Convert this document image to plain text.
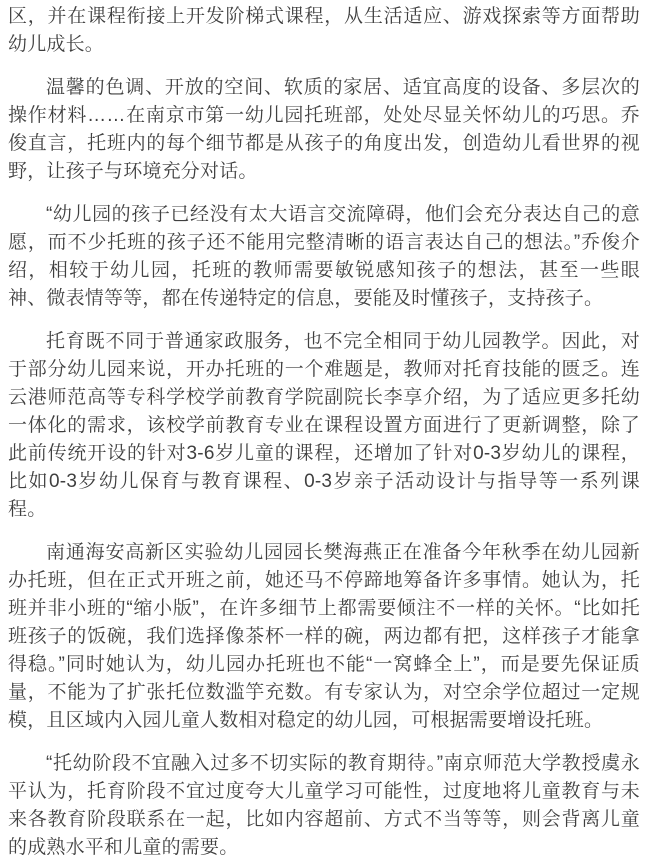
区，并在课程衔接上开发阶梯式课程，从生活适应、游戏探索等方面帮助幼儿成长。

温馨的色调、开放的空间、软质的家居、适宜高度的设备、多层次的操作材料……在南京市第一幼儿园托班部，处处尽显关怀幼儿的巧思。乔俊直言，托班内的每个细节都是从孩子的角度出发，创造幼儿看世界的视野，让孩子与环境充分对话。

“幼儿园的孩子已经没有太大语言交流障碍，他们会充分表达自己的意愿，而不少托班的孩子还不能用完整清晰的语言表达自己的想法。”乔俊介绍，相较于幼儿园，托班的教师需要敏锐感知孩子的想法，甚至一些眼神、微表情等等，都在传递特定的信息，要能及时懂孩子，支持孩子。

托育既不同于普通家政服务，也不完全相同于幼儿园教学。因此，对于部分幼儿园来说，开办托班的一个难题是，教师对托育技能的匮乏。连云港师范高等专科学校学前教育学院副院长李享介绍，为了适应更多托幼一体化的需求，该校学前教育专业在课程设置方面进行了更新调整，除了此前传统开设的针对3-6岁儿童的课程，还增加了针对0-3岁幼儿的课程，比如0-3岁幼儿保育与教育课程、0-3岁亲子活动设计与指导等一系列课程。

南通海安高新区实验幼儿园园长樊海燕正在准备今年秋季在幼儿园新办托班，但在正式开班之前，她还马不停蹄地筹备许多事情。她认为，托班并非小班的“缩小版”，在许多细节上都需要倾注不一样的关怀。“比如托班孩子的饭碗，我们选择像茶杯一样的碗，两边都有把，这样孩子才能拿得稳。”同时她认为，幼儿园办托班也不能“一窝蜂全上”，而是要先保证质量，不能为了扩张托位数滥竽充数。有专家认为，对空余学位超过一定规模，且区域内入园儿童人数相对稳定的幼儿园，可根据需要增设托班。

“托幼阶段不宜融入过多不切实际的教育期待。”南京师范大学教授虞永平认为，托育阶段不宜过度夸大儿童学习可能性，过度地将儿童教育与未来各教育阶段联系在一起，比如内容超前、方式不当等等，则会背离儿童的成熟水平和儿童的需要。
